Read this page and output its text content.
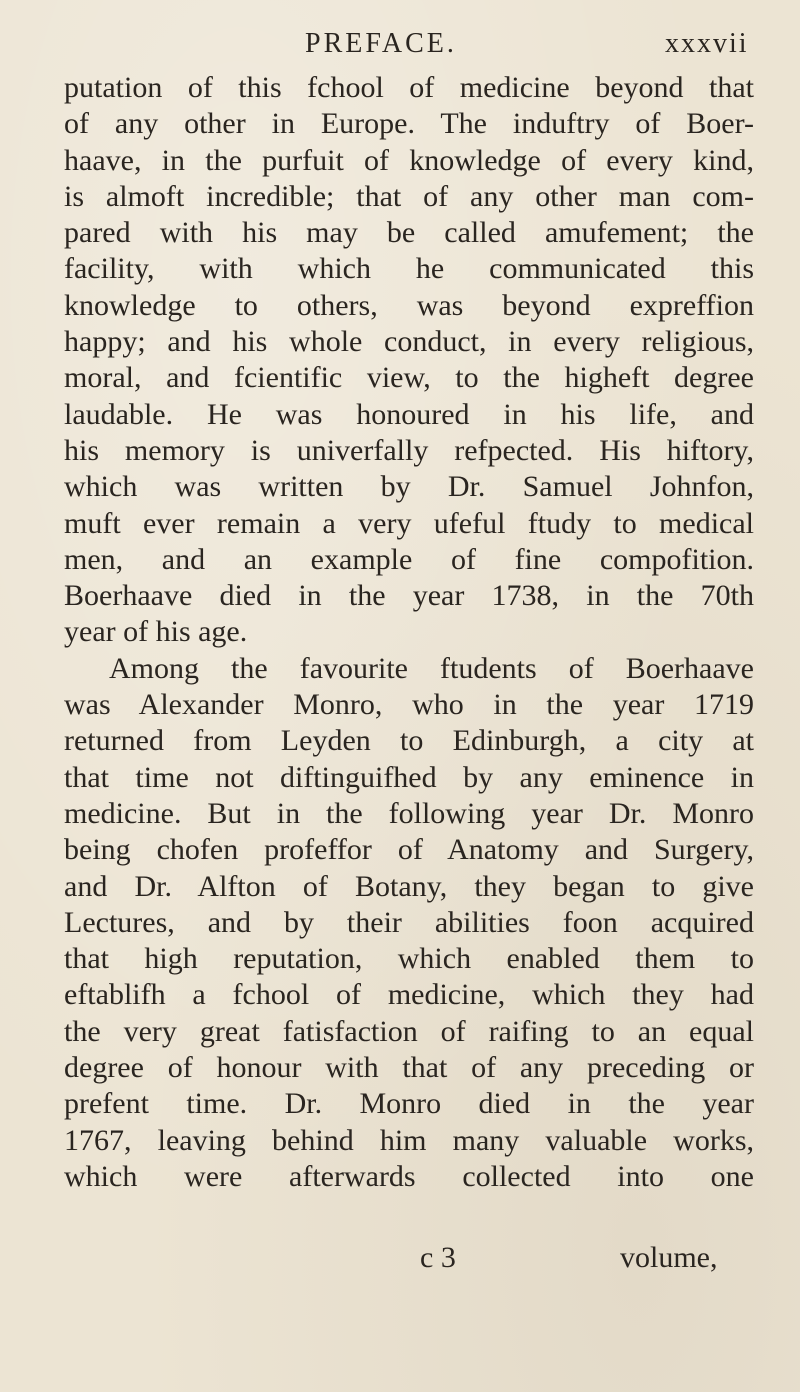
PREFACE.	xxxvii
putation of this fchool of medicine beyond that
of any other in Europe. The induftry of Boer-
haave, in the purfuit of knowledge of every kind,
is almoft incredible; that of any other man com-
pared with his may be called amufement; the
facility, with which he communicated this
knowledge to others, was beyond expreffion
happy; and his whole conduct, in every religious,
moral, and fcientific view, to the higheft degree
laudable. He was honoured in his life, and
his memory is univerfally refpected. His hiftory,
which was written by Dr. Samuel Johnfon,
muft ever remain a very ufeful ftudy to medical
men, and an example of fine compofition.
Boerhaave died in the year 1738, in the 70th
year of his age.
Among the favourite ftudents of Boerhaave
was Alexander Monro, who in the year 1719
returned from Leyden to Edinburgh, a city at
that time not diftinguifhed by any eminence in
medicine. But in the following year Dr. Monro
being chofen profeffor of Anatomy and Surgery,
and Dr. Alfton of Botany, they began to give
Lectures, and by their abilities foon acquired
that high reputation, which enabled them to
eftablifh a fchool of medicine, which they had
the very great fatisfaction of raifing to an equal
degree of honour with that of any preceding or
prefent time. Dr. Monro died in the year
1767, leaving behind him many valuable works,
which were afterwards collected into one
c 3	volume,
